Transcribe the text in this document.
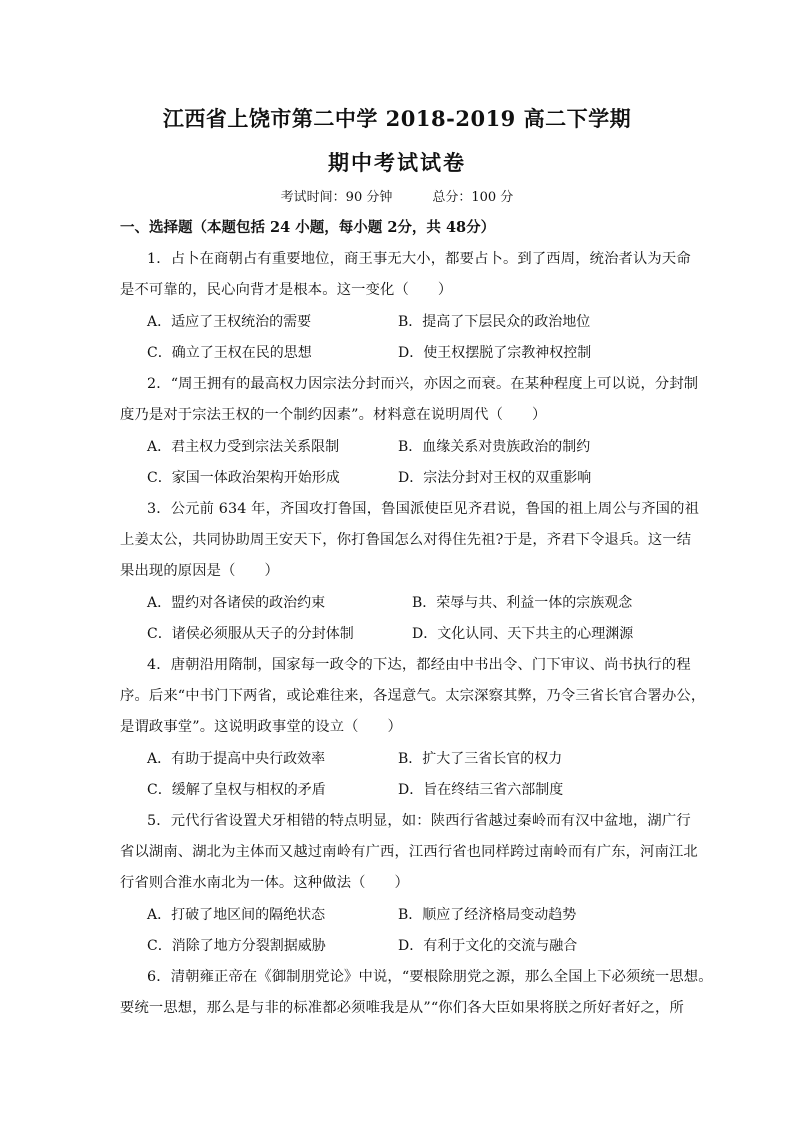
江西省上饶市第二中学 2018-2019 高二下学期
期中考试试卷
考试时间：90 分钟	总分：100 分
一、选择题（本题包括 24 小题，每小题 2分，共 48分）
1．占卜在商朝占有重要地位，商王事无大小，都要占卜。到了西周，统治者认为天命
是不可靠的，民心向背才是根本。这一变化（　　）
A．适应了王权统治的需要	B．提高了下层民众的政治地位
C．确立了王权在民的思想	D．使王权摆脱了宗教神权控制
2．“周王拥有的最高权力因宗法分封而兴，亦因之而衰。在某种程度上可以说，分封制
度乃是对于宗法王权的一个制约因素”。材料意在说明周代（　　）
A．君主权力受到宗法关系限制	B．血缘关系对贵族政治的制约
C．家国一体政治架构开始形成	D．宗法分封对王权的双重影响
3．公元前 634 年，齐国攻打鲁国，鲁国派使臣见齐君说，鲁国的祖上周公与齐国的祖
上姜太公，共同协助周王安天下，你打鲁国怎么对得住先祖?于是，齐君下令退兵。这一结
果出现的原因是（　　）
A．盟约对各诸侯的政治约束	B．荣辱与共、利益一体的宗族观念
C．诸侯必须服从天子的分封体制	D．文化认同、天下共主的心理渊源
4．唐朝沿用隋制，国家每一政令的下达，都经由中书出令、门下审议、尚书执行的程
序。后来“中书门下两省，或论难往来，各逞意气。太宗深察其弊，乃令三省长官合署办公，
是谓政事堂”。这说明政事堂的设立（　　）
A．有助于提高中央行政效率	B．扩大了三省长官的权力
C．缓解了皇权与相权的矛盾	D．旨在终结三省六部制度
5．元代行省设置犬牙相错的特点明显，如：陕西行省越过秦岭而有汉中盆地，湖广行
省以湖南、湖北为主体而又越过南岭有广西，江西行省也同样跨过南岭而有广东，河南江北
行省则合淮水南北为一体。这种做法（　　）
A．打破了地区间的隔绝状态	B．顺应了经济格局变动趋势
C．消除了地方分裂割据威胁	D．有利于文化的交流与融合
6．清朝雍正帝在《御制朋党论》中说，“要根除朋党之源，那么全国上下必须统一思想。
要统一思想，那么是与非的标准都必须唯我是从”“你们各大臣如果将朕之所好者好之，所
